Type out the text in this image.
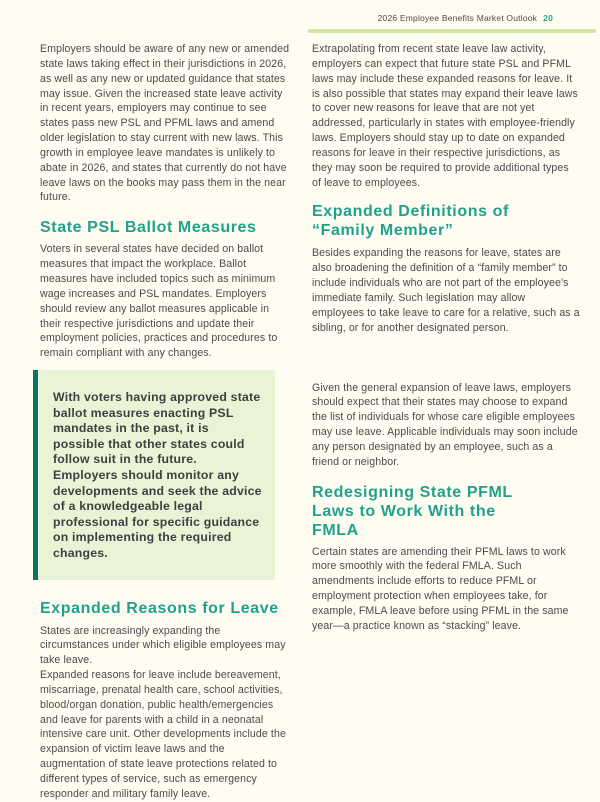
2026 Employee Benefits Market Outlook 20

Employers should be aware of any new or amended state laws taking effect in their jurisdictions in 2026, as well as any new or updated guidance that states may issue. Given the increased state leave activity in recent years, employers may continue to see states pass new PSL and PFML laws and amend older legislation to stay current with new laws. This growth in employee leave mandates is unlikely to abate in 2026, and states that currently do not have leave laws on the books may pass them in the near future.

State PSL Ballot Measures

Voters in several states have decided on ballot measures that impact the workplace. Ballot measures have included topics such as minimum wage increases and PSL mandates. Employers should review any ballot measures applicable in their respective jurisdictions and update their employment policies, practices and procedures to remain compliant with any changes.

With voters having approved state ballot measures enacting PSL mandates in the past, it is possible that other states could follow suit in the future. Employers should monitor any developments and seek the advice of a knowledgeable legal professional for specific guidance on implementing the required changes.

Expanded Reasons for Leave

States are increasingly expanding the circumstances under which eligible employees may take leave.

Expanded reasons for leave include bereavement, miscarriage, prenatal health care, school activities, blood/organ donation, public health/emergencies and leave for parents with a child in a neonatal intensive care unit. Other developments include the expansion of victim leave laws and the augmentation of state leave protections related to different types of service, such as emergency responder and military family leave.

Extrapolating from recent state leave law activity, employers can expect that future state PSL and PFML laws may include these expanded reasons for leave. It is also possible that states may expand their leave laws to cover new reasons for leave that are not yet addressed, particularly in states with employee-friendly laws. Employers should stay up to date on expanded reasons for leave in their respective jurisdictions, as they may soon be required to provide additional types of leave to employees.

Expanded Definitions of “Family Member”

Besides expanding the reasons for leave, states are also broadening the definition of a “family member” to include individuals who are not part of the employee's immediate family. Such legislation may allow employees to take leave to care for a relative, such as a sibling, or for another designated person.

Given the general expansion of leave laws, employers should expect that their states may choose to expand the list of individuals for whose care eligible employees may use leave. Applicable individuals may soon include any person designated by an employee, such as a friend or neighbor.

Redesigning State PFML Laws to Work With the FMLA

Certain states are amending their PFML laws to work more smoothly with the federal FMLA. Such amendments include efforts to reduce PFML or employment protection when employees take, for example, FMLA leave before using PFML in the same year—a practice known as “stacking” leave.
